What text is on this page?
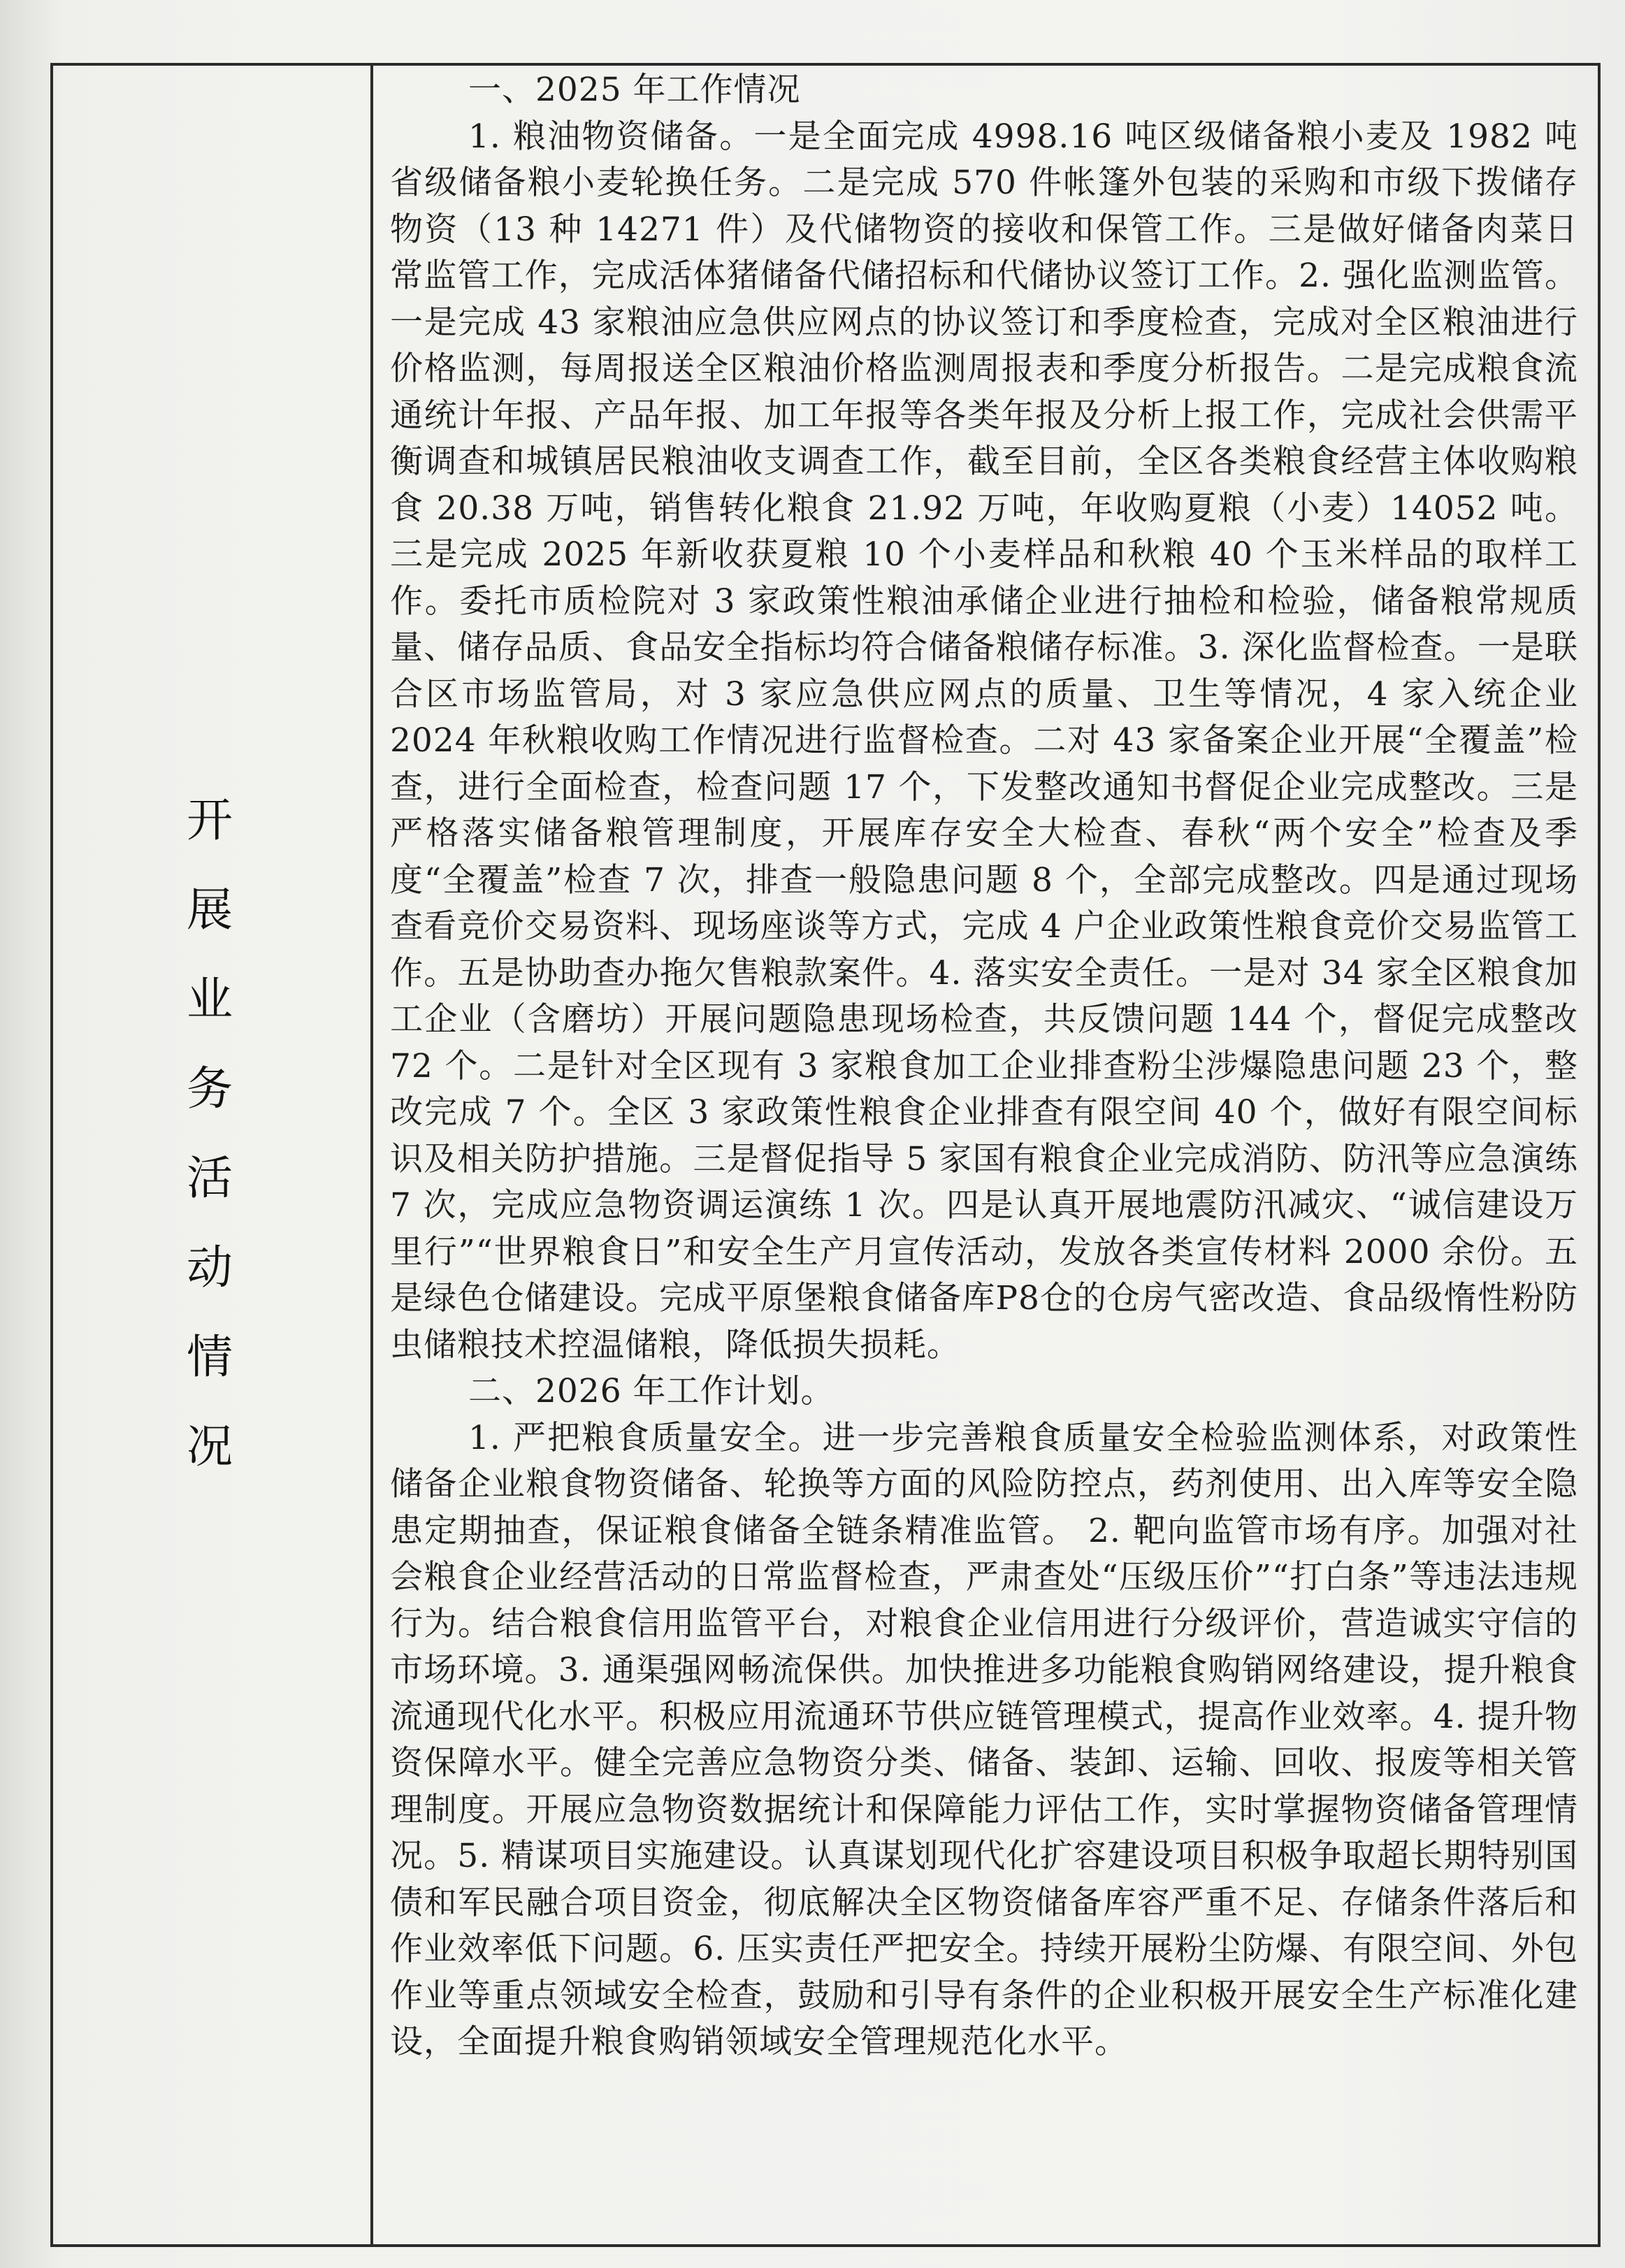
开
展
业
务
活
动
情
况

一、2025 年工作情况

1. 粮油物资储备。一是全面完成 4998.16 吨区级储备粮小麦及 1982 吨省级储备粮小麦轮换任务。二是完成 570 件帐篷外包装的采购和市级下拨储存物资（13 种 14271 件）及代储物资的接收和保管工作。三是做好储备肉菜日常监管工作，完成活体猪储备代储招标和代储协议签订工作。2. 强化监测监管。一是完成 43 家粮油应急供应网点的协议签订和季度检查，完成对全区粮油进行价格监测，每周报送全区粮油价格监测周报表和季度分析报告。二是完成粮食流通统计年报、产品年报、加工年报等各类年报及分析上报工作，完成社会供需平衡调查和城镇居民粮油收支调查工作，截至目前，全区各类粮食经营主体收购粮食 20.38 万吨，销售转化粮食 21.92 万吨，年收购夏粮（小麦）14052 吨。三是完成 2025 年新收获夏粮 10 个小麦样品和秋粮 40 个玉米样品的取样工作。委托市质检院对 3 家政策性粮油承储企业进行抽检和检验，储备粮常规质量、储存品质、食品安全指标均符合储备粮储存标准。3. 深化监督检查。一是联合区市场监管局，对 3 家应急供应网点的质量、卫生等情况，4 家入统企业 2024 年秋粮收购工作情况进行监督检查。二对 43 家备案企业开展“全覆盖”检查，进行全面检查，检查问题 17 个，下发整改通知书督促企业完成整改。三是严格落实储备粮管理制度，开展库存安全大检查、春秋“两个安全”检查及季度“全覆盖”检查 7 次，排查一般隐患问题 8 个，全部完成整改。四是通过现场查看竞价交易资料、现场座谈等方式，完成 4 户企业政策性粮食竞价交易监管工作。五是协助查办拖欠售粮款案件。4. 落实安全责任。一是对 34 家全区粮食加工企业（含磨坊）开展问题隐患现场检查，共反馈问题 144 个，督促完成整改 72 个。二是针对全区现有 3 家粮食加工企业排查粉尘涉爆隐患问题 23 个，整改完成 7 个。全区 3 家政策性粮食企业排查有限空间 40 个，做好有限空间标识及相关防护措施。三是督促指导 5 家国有粮食企业完成消防、防汛等应急演练 7 次，完成应急物资调运演练 1 次。四是认真开展地震防汛减灾、“诚信建设万里行”“世界粮食日”和安全生产月宣传活动，发放各类宣传材料 2000 余份。五是绿色仓储建设。完成平原堡粮食储备库P8仓的仓房气密改造、食品级惰性粉防虫储粮技术控温储粮，降低损失损耗。

二、2026 年工作计划。

1. 严把粮食质量安全。进一步完善粮食质量安全检验监测体系，对政策性储备企业粮食物资储备、轮换等方面的风险防控点，药剂使用、出入库等安全隐患定期抽查，保证粮食储备全链条精准监管。 2. 靶向监管市场有序。加强对社会粮食企业经营活动的日常监督检查，严肃查处“压级压价”“打白条”等违法违规行为。结合粮食信用监管平台，对粮食企业信用进行分级评价，营造诚实守信的市场环境。3. 通渠强网畅流保供。加快推进多功能粮食购销网络建设，提升粮食流通现代化水平。积极应用流通环节供应链管理模式，提高作业效率。4. 提升物资保障水平。健全完善应急物资分类、储备、装卸、运输、回收、报废等相关管理制度。开展应急物资数据统计和保障能力评估工作，实时掌握物资储备管理情况。5. 精谋项目实施建设。认真谋划现代化扩容建设项目积极争取超长期特别国债和军民融合项目资金，彻底解决全区物资储备库容严重不足、存储条件落后和作业效率低下问题。6. 压实责任严把安全。持续开展粉尘防爆、有限空间、外包作业等重点领域安全检查，鼓励和引导有条件的企业积极开展安全生产标准化建设，全面提升粮食购销领域安全管理规范化水平。
